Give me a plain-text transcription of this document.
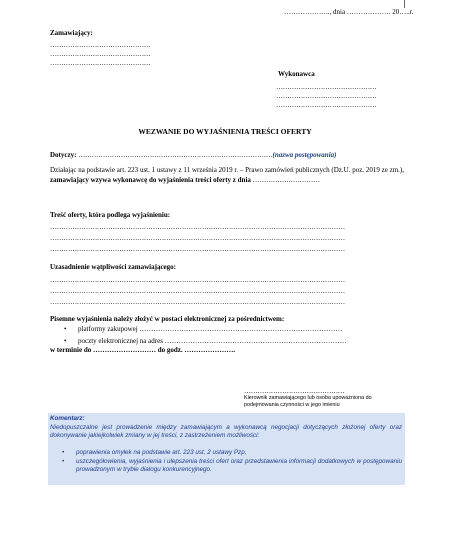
……………….., dnia ………………. 20…..r.
Zamawiający:
………………………………………
………………………………………
………………………………………
Wykonawca
………………………………………
………………………………………
………………………………………
WEZWANIE DO WYJAŚNIENIA TREŚCI OFERTY
Dotyczy: ……………………………………………………………………………(nazwa postępowania)
Działając na podstawie art. 223 ust. 1 ustawy z 11 września 2019 r. – Prawo zamówień publicznych (Dz.U. poz. 2019 ze zm.), zamawiający wzywa wykonawcę do wyjaśnienia treści oferty z dnia …………………………
Treść oferty, która podlega wyjaśnieniu:
……………………………………………………………………………………………………………………
……………………………………………………………………………………………………………………
……………………………………………………………………………………………………………………
Uzasadnienie wątpliwości zamawiającego:
……………………………………………………………………………………………………………………
……………………………………………………………………………………………………………………
……………………………………………………………………………………………………………………
Pisemne wyjaśnienia należy złożyć w postaci elektronicznej za pośrednictwem:
• platformy zakupowej ……………………………………………………………………………
• poczty elektronicznej na adres ……………………………………………………………………
w terminie do ……………………… do godz. ………………….
………………………………………
Kierownik zamawiającego lub osoba upoważniona do
podejmowania czynności w jego imieniu
Komentarz:
Niedopuszczalne jest prowadzenie między zamawiającym a wykonawcą negocjacji dotyczących złożonej oferty oraz dokonywanie jakiejkolwiek zmiany w jej treści, z zastrzeżeniem możliwości:
• poprawienia omyłek na podstawie art. 223 ust. 2 ustawy Pzp,
• uszczegółowienia, wyjaśnienia i ulepszenia treści ofert oraz przedstawienia informacji dodatkowych w postępowaniu prowadzonym w trybie dialogu konkurencyjnego.
